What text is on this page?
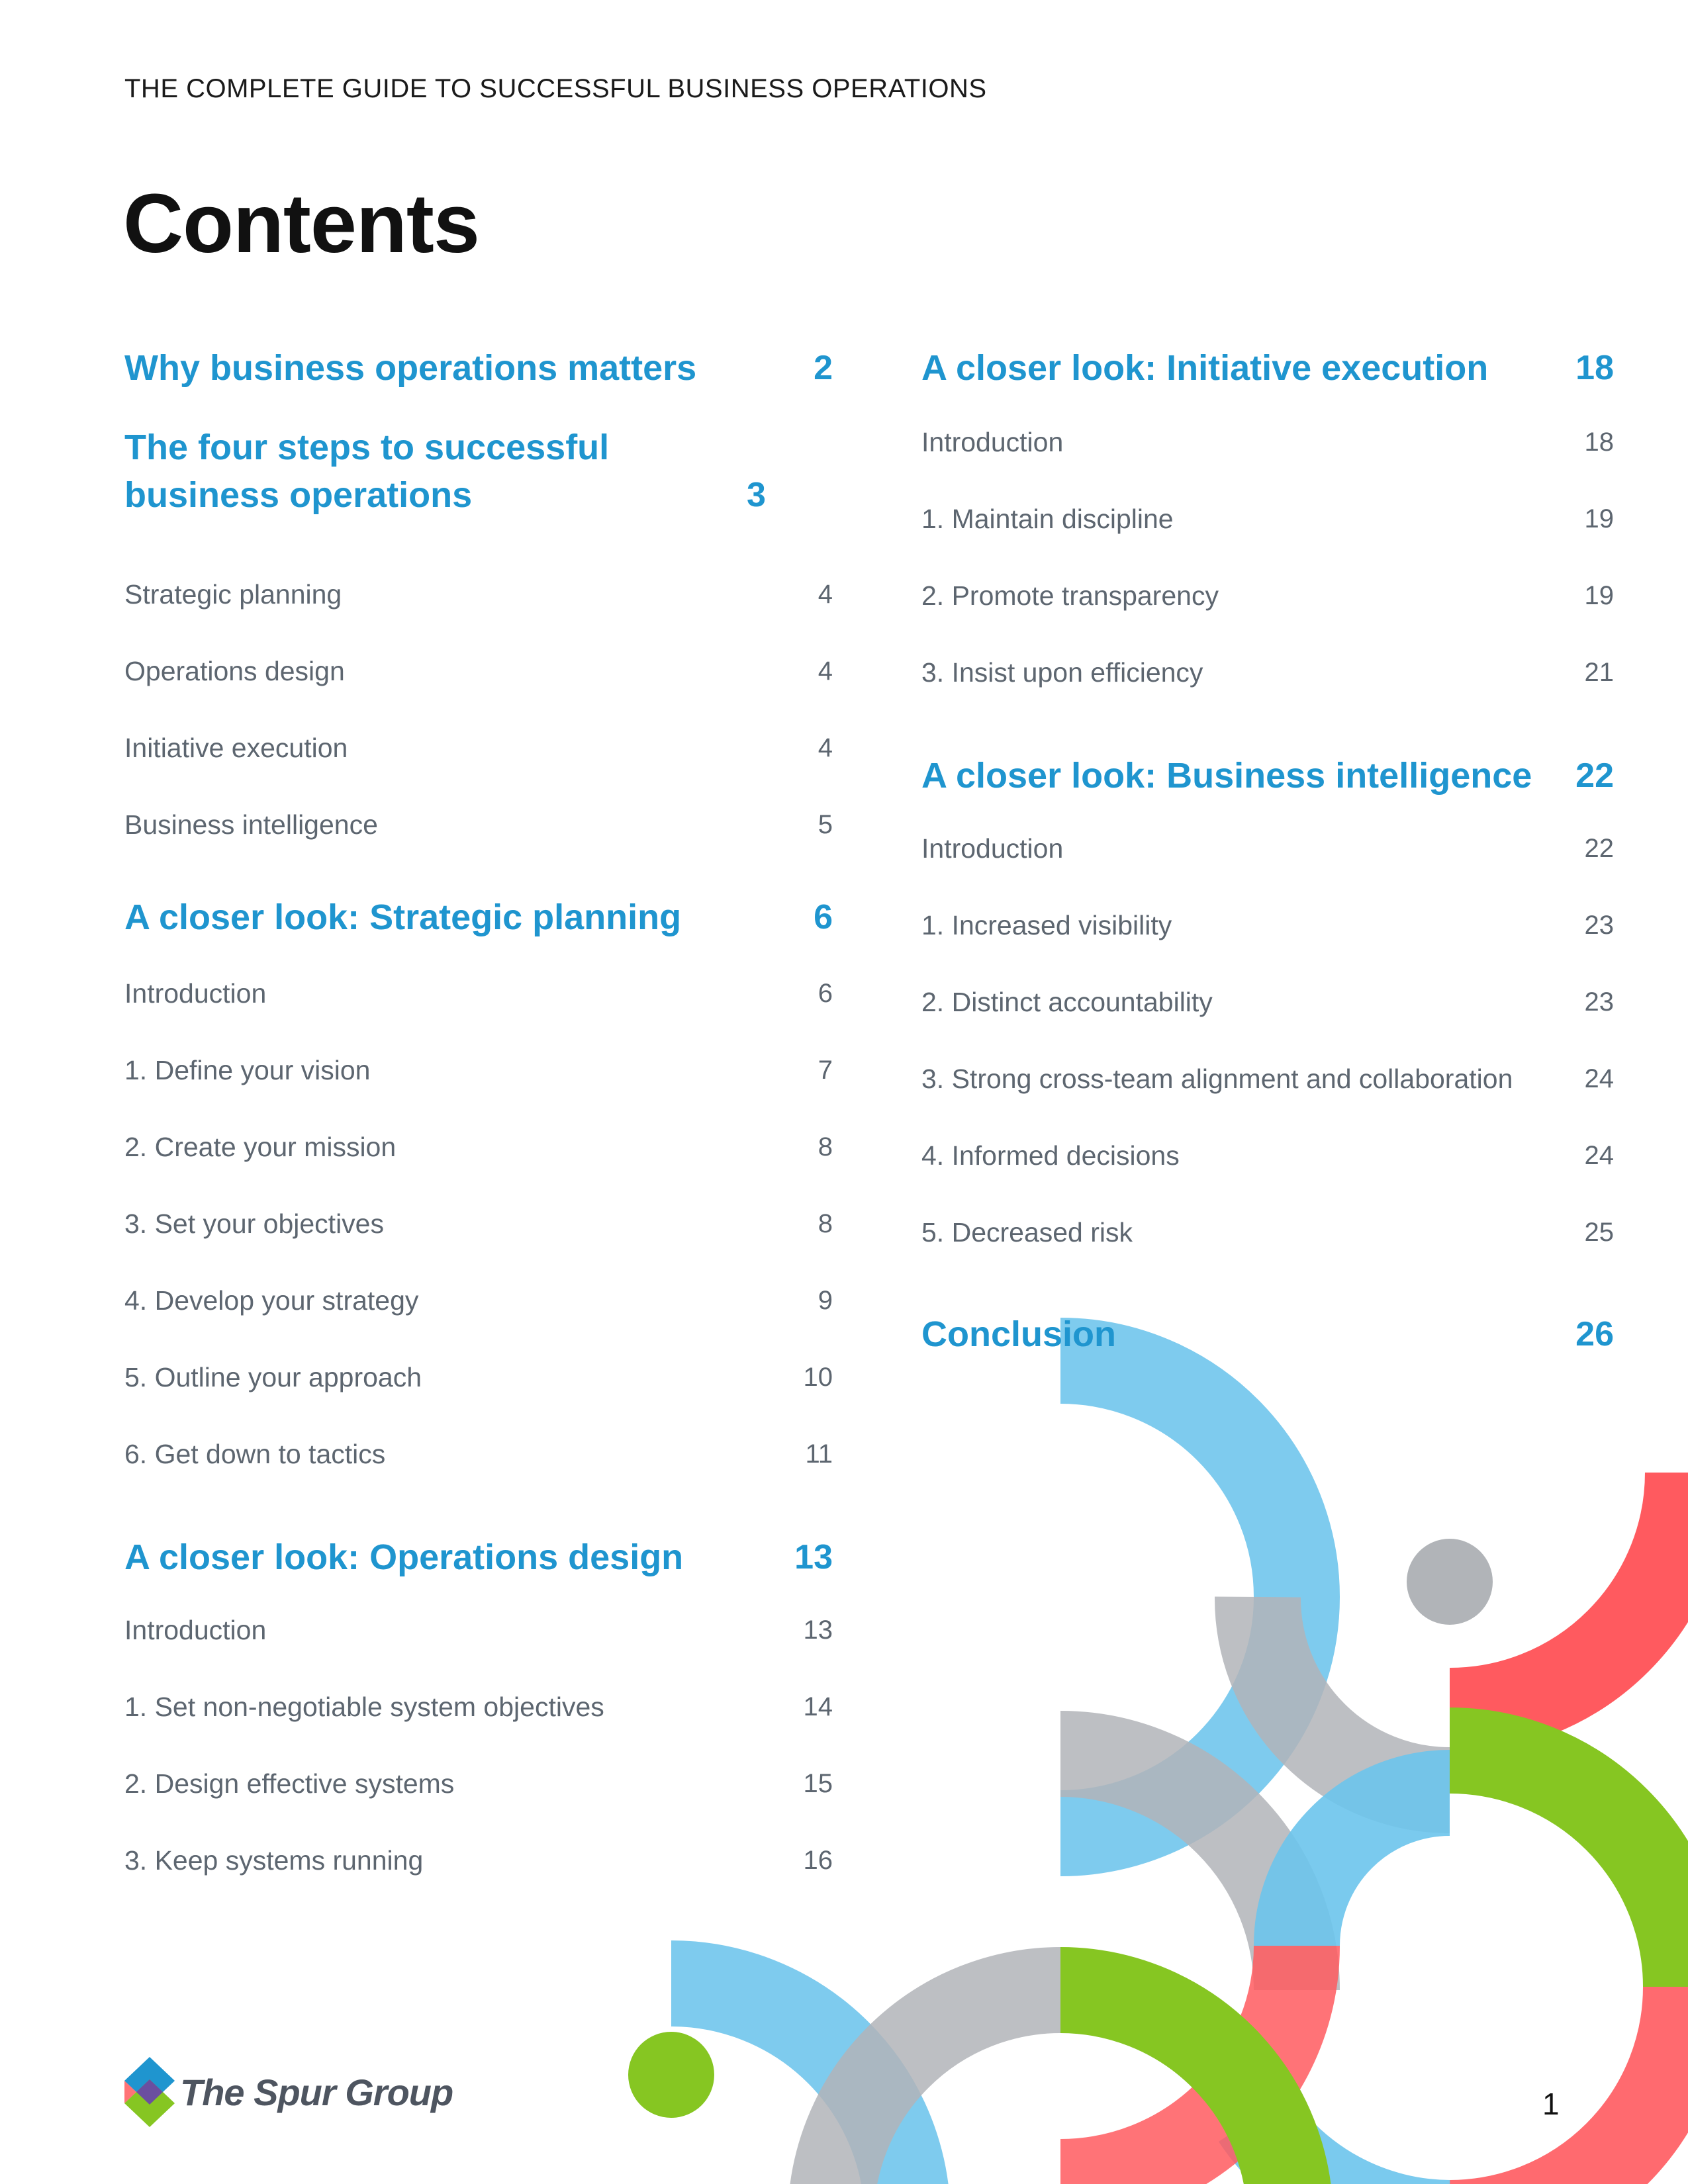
THE COMPLETE GUIDE TO SUCCESSFUL BUSINESS OPERATIONS
Contents
Why business operations matters	2
The four steps to successful business operations	3
Strategic planning	4
Operations design	4
Initiative execution	4
Business intelligence	5
A closer look: Strategic planning	6
Introduction	6
1. Define your vision	7
2. Create your mission	8
3. Set your objectives	8
4. Develop your strategy	9
5. Outline your approach	10
6. Get down to tactics	11
A closer look: Operations design	13
Introduction	13
1. Set non-negotiable system objectives	14
2. Design effective systems	15
3. Keep systems running	16
A closer look: Initiative execution	18
Introduction	18
1. Maintain discipline	19
2. Promote transparency	19
3. Insist upon efficiency	21
A closer look: Business intelligence	22
Introduction	22
1. Increased visibility	23
2. Distinct accountability	23
3. Strong cross-team alignment and collaboration	24
4. Informed decisions	24
5. Decreased risk	25
Conclusion	26
The Spur Group	1
